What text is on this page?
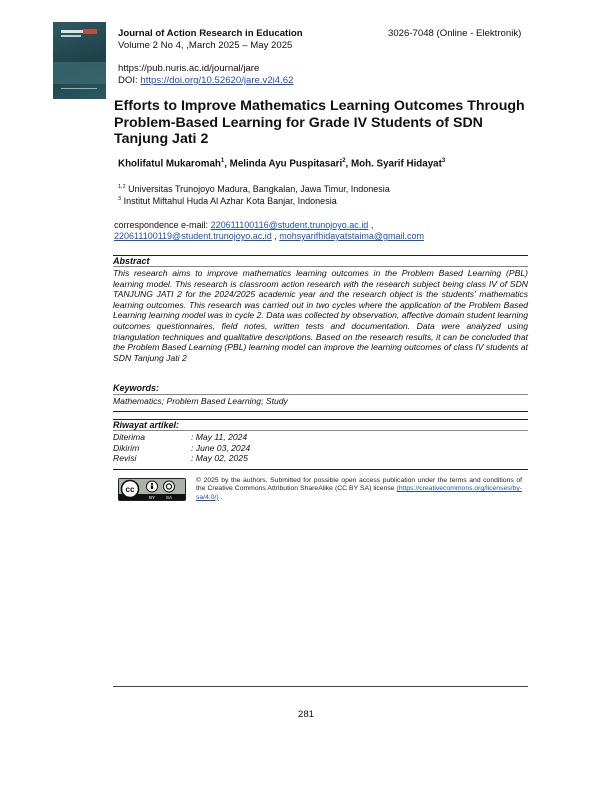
Journal of Action Research in Education	3026-7048 (Online - Elektronik)
Volume 2 No 4, ,March 2025 – May 2025
https://pub.nuris.ac.id/journal/jare
DOI: https://doi.org/10.52620/jare.v2i4.62
Efforts to Improve Mathematics Learning Outcomes Through Problem-Based Learning for Grade IV Students of SDN Tanjung Jati 2
Kholifatul Mukaromah$^1$, Melinda Ayu Puspitasari$^2$, Moh. Syarif Hidayat$^3$
$^{1,2}$ Universitas Trunojoyo Madura, Bangkalan, Jawa Timur, Indonesia
$^3$ Institut Miftahul Huda Al Azhar Kota Banjar, Indonesia
correspondence e-mail: 220611100116@student.trunojoyo.ac.id ,
220611100119@student.trunojoyo.ac.id , mohsyarifhidayatstaima@gmail.com
Abstract
This research aims to improve mathematics learning outcomes in the Problem Based Learning (PBL) learning model. This research is classroom action research with the research subject being class IV of SDN TANJUNG JATI 2 for the 2024/2025 academic year and the research object is the students' mathematics learning outcomes. This research was carried out in two cycles where the application of the Problem Based Learning learning model was in cycle 2. Data was collected by observation, affective domain student learning outcomes questionnaires, field notes, written tests and documentation. Data were analyzed using triangulation techniques and qualitative descriptions. Based on the research results, it can be concluded that the Problem Based Learning (PBL) learning model can improve the learning outcomes of class IV students at SDN Tanjung Jati 2
Keywords:
Mathematics; Problem Based Learning; Study
Riwayat artikel:
Diterima	: May 11, 2024
Dikirim	: June 03, 2024
Revisi	: May 02, 2025
cc
BY SA
© 2025 by the authors. Submitted for possible open access publication under the terms and conditions of the Creative Commons Attribution ShareAlike (CC BY SA) license (https://creativecommons.org/licenses/by-sa/4.0/) .
281
